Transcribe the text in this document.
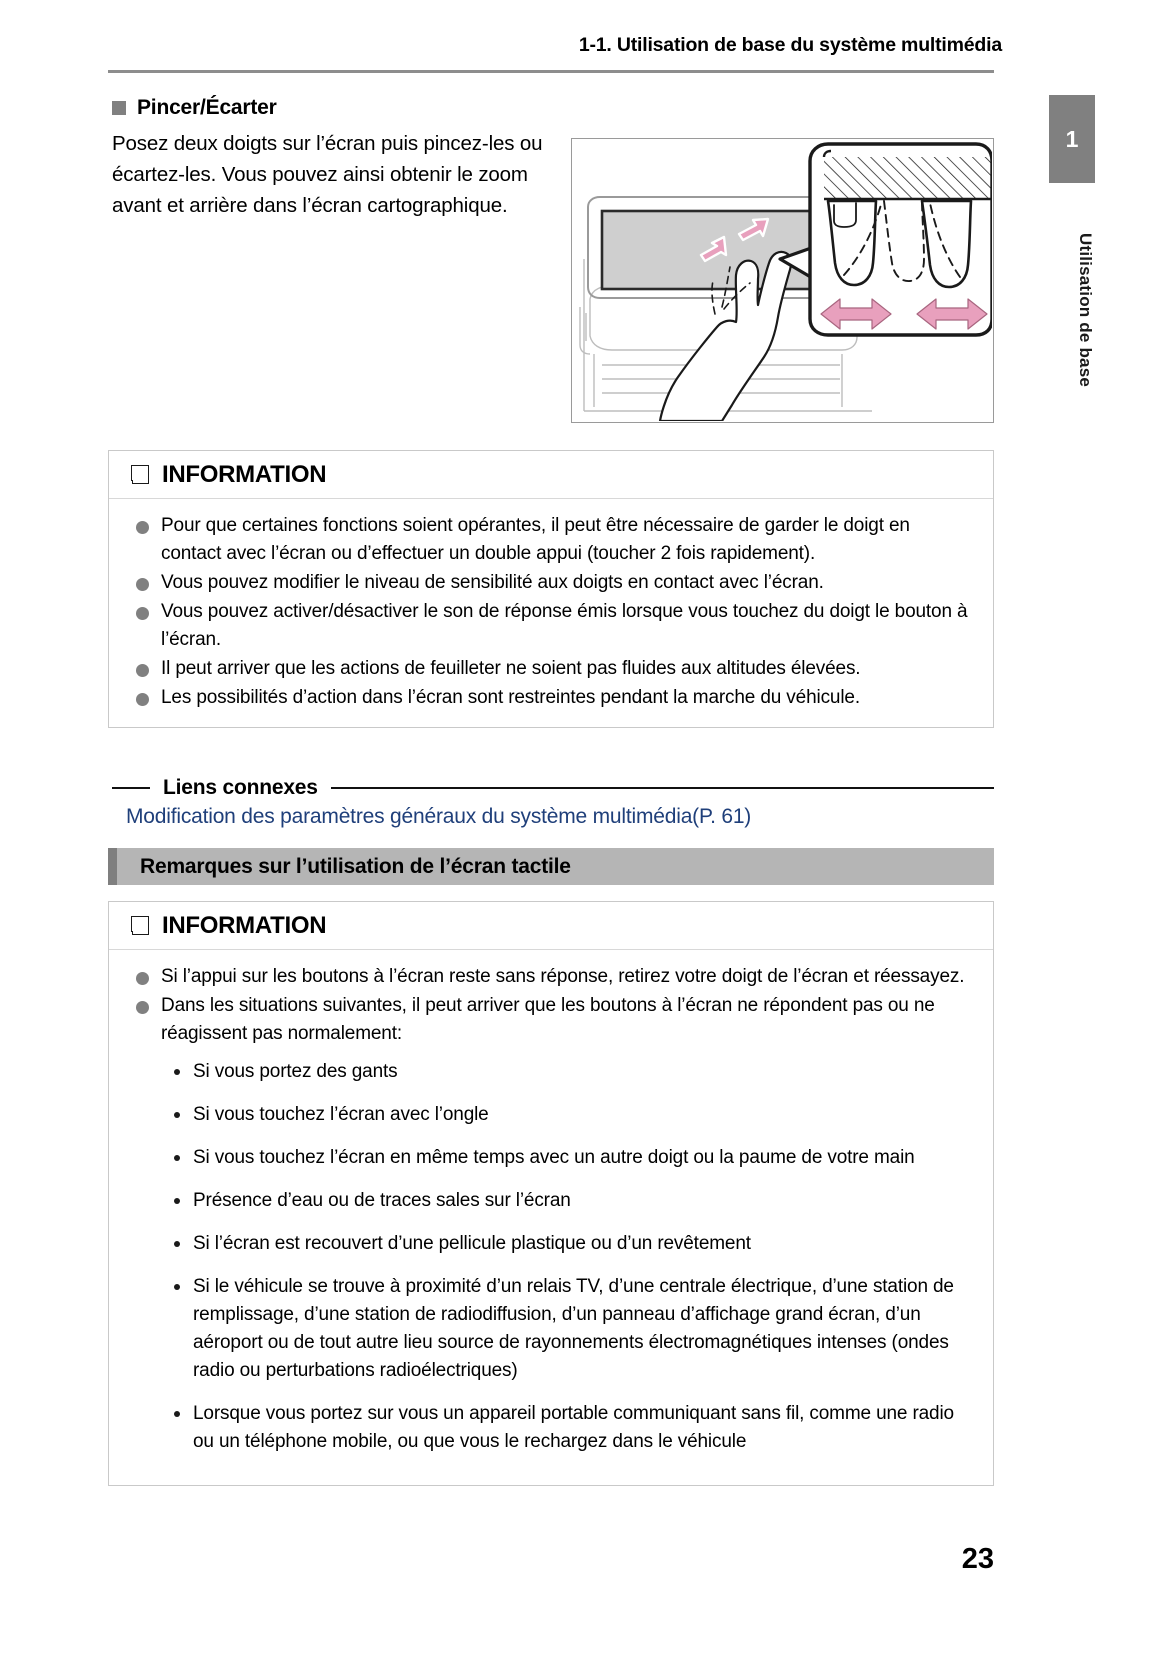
1-1. Utilisation de base du système multimédia
1
Utilisation de base
Pincer/Écarter
Posez deux doigts sur l’écran puis pincez-les ou écartez-les. Vous pouvez ainsi obtenir le zoom avant et arrière dans l’écran cartographique.
INFORMATION
Pour que certaines fonctions soient opérantes, il peut être nécessaire de garder le doigt en contact avec l’écran ou d’effectuer un double appui (toucher 2 fois rapidement).
Vous pouvez modifier le niveau de sensibilité aux doigts en contact avec l’écran.
Vous pouvez activer/désactiver le son de réponse émis lorsque vous touchez du doigt le bouton à l’écran.
Il peut arriver que les actions de feuilleter ne soient pas fluides aux altitudes élevées.
Les possibilités d’action dans l’écran sont restreintes pendant la marche du véhicule.
Liens connexes
Modification des paramètres généraux du système multimédia(P. 61)
Remarques sur l’utilisation de l’écran tactile
INFORMATION
Si l’appui sur les boutons à l’écran reste sans réponse, retirez votre doigt de l’écran et réessayez.
Dans les situations suivantes, il peut arriver que les boutons à l’écran ne répondent pas ou ne réagissent pas normalement:
Si vous portez des gants
Si vous touchez l’écran avec l’ongle
Si vous touchez l’écran en même temps avec un autre doigt ou la paume de votre main
Présence d’eau ou de traces sales sur l’écran
Si l’écran est recouvert d’une pellicule plastique ou d’un revêtement
Si le véhicule se trouve à proximité d’un relais TV, d’une centrale électrique, d’une station de remplissage, d’une station de radiodiffusion, d’un panneau d’affichage grand écran, d’un aéroport ou de tout autre lieu source de rayonnements électromagnétiques intenses (ondes radio ou perturbations radioélectriques)
Lorsque vous portez sur vous un appareil portable communiquant sans fil, comme une radio ou un téléphone mobile, ou que vous le rechargez dans le véhicule
23
